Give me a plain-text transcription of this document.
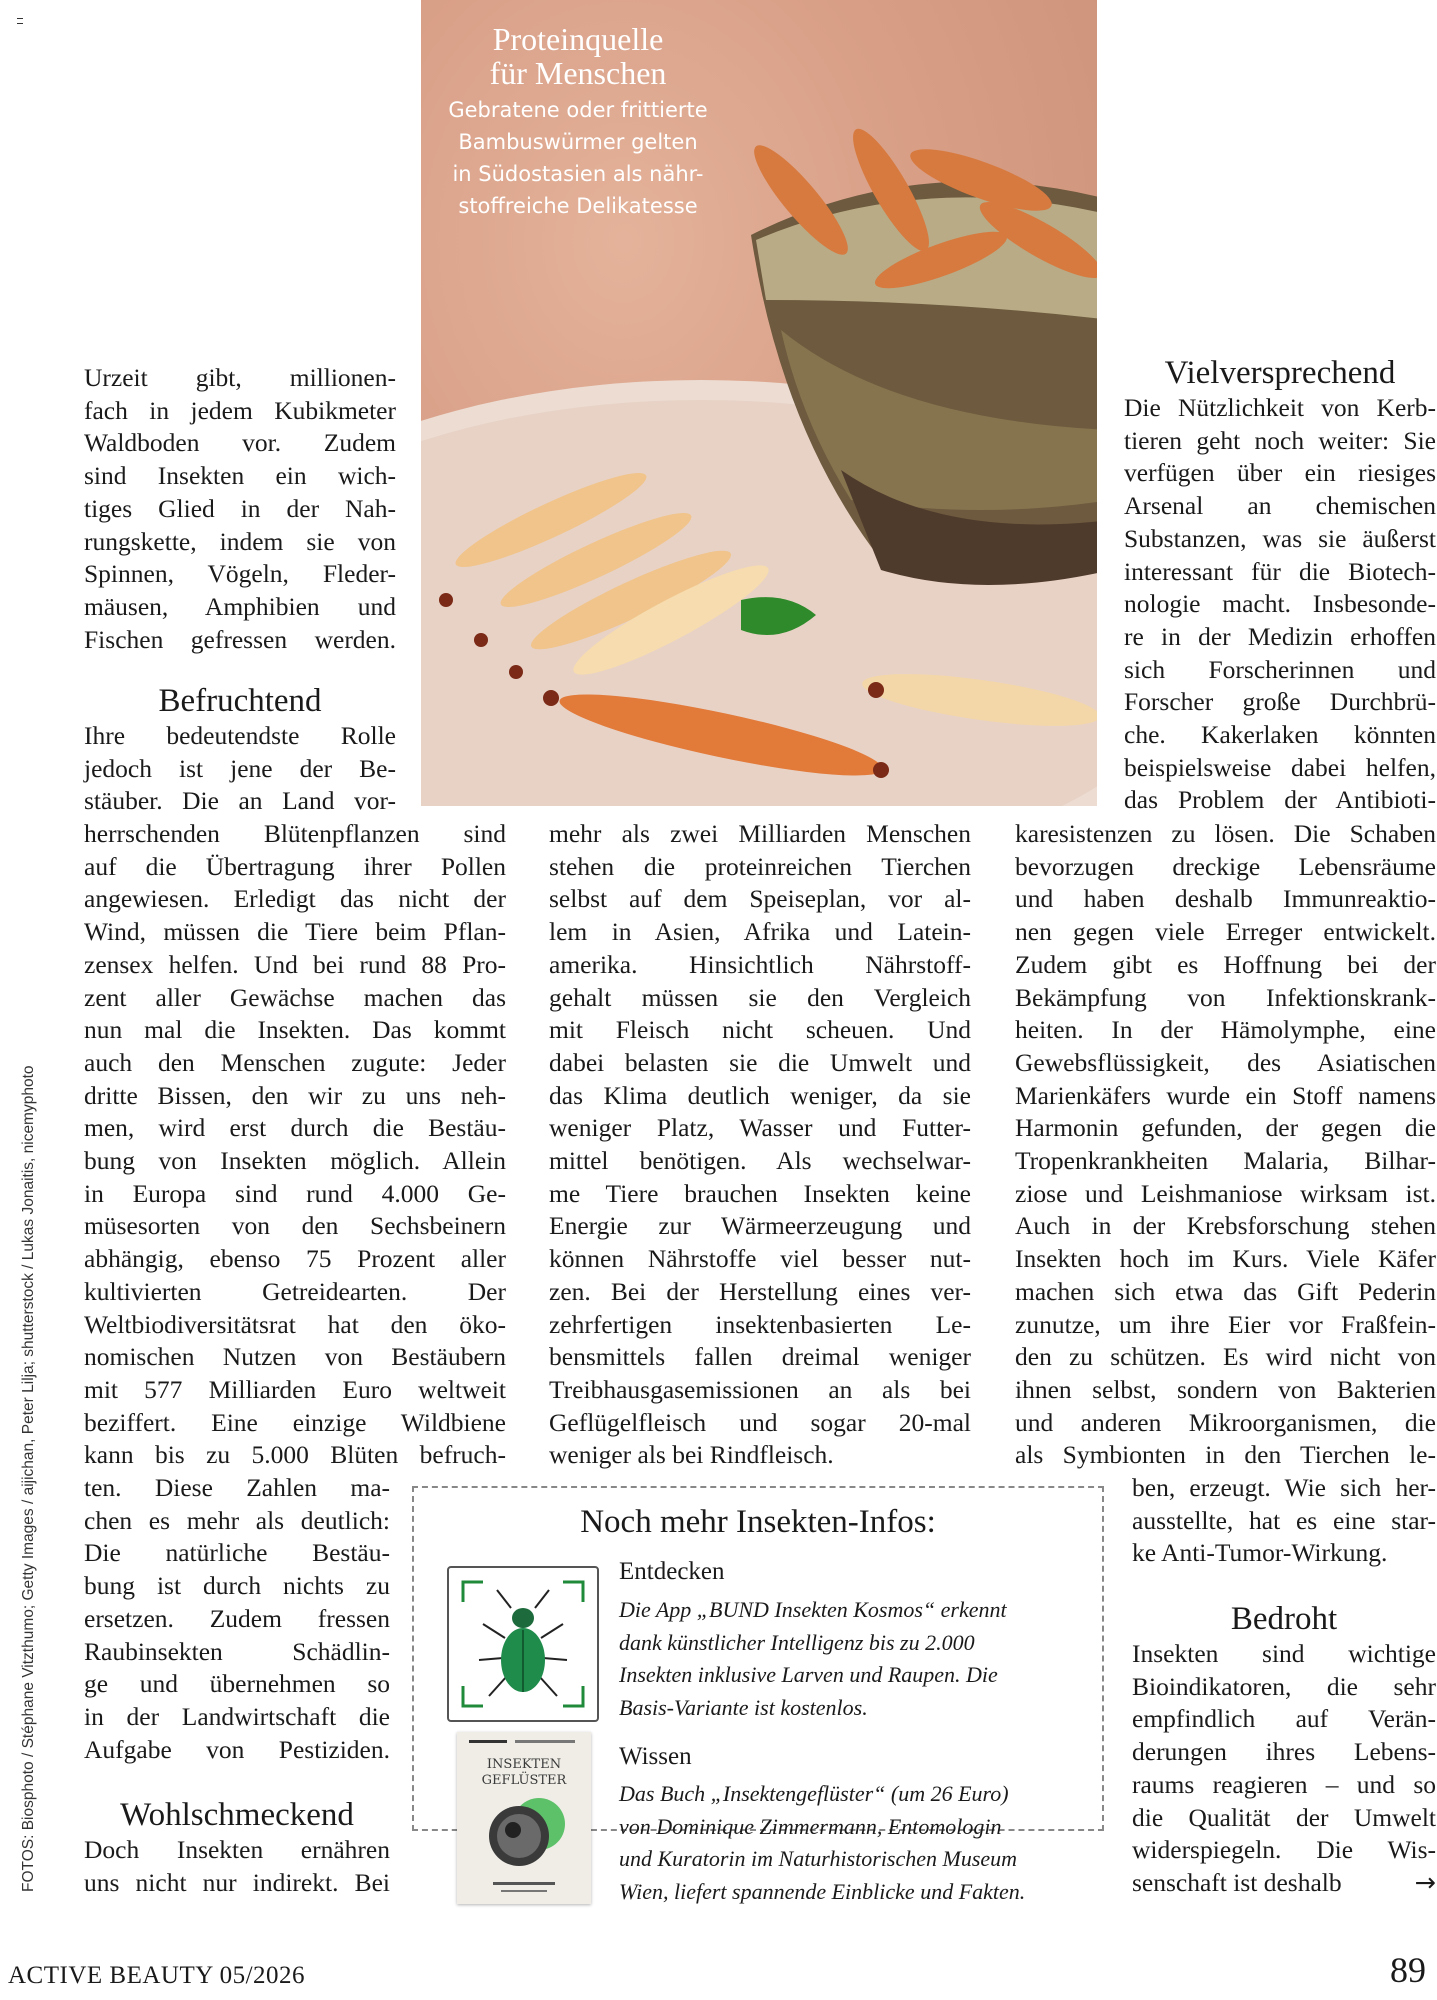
FOTOS: Biosphoto / Stéphane Vitzthumo; Getty Images / aijichan, Peter Lilja; shutterstock / Lukas Jonaitis, nicemyphoto
Proteinquelle
für Menschen
Gebratene oder frittierte
Bambuswürmer gelten
in Südostasien als nähr-
stoffreiche Delikatesse

Urzeit gibt, millionen-

fach in jedem Kubikmeter

Waldboden vor. Zudem

sind Insekten ein wich-

tiges Glied in der Nah-

rungskette, indem sie von

Spinnen, Vögeln, Fleder-

mäusen, Amphibien und

Fischen gefressen werden.

Befruchtend

Ihre bedeutendste Rolle

jedoch ist jene der Be-

stäuber. Die an Land vor-

herrschenden Blütenpflanzen sind

auf die Übertragung ihrer Pollen

angewiesen. Erledigt das nicht der

Wind, müssen die Tiere beim Pflan-

zensex helfen. Und bei rund 88 Pro-

zent aller Gewächse machen das

nun mal die Insekten. Das kommt

auch den Menschen zugute: Jeder

dritte Bissen, den wir zu uns neh-

men, wird erst durch die Bestäu-

bung von Insekten möglich. Allein

in Europa sind rund 4.000 Ge-

müsesorten von den Sechsbeinern

abhängig, ebenso 75 Prozent aller

kultivierten Getreidearten. Der

Weltbiodiversitätsrat hat den öko-

nomischen Nutzen von Bestäubern

mit 577 Milliarden Euro weltweit

beziffert. Eine einzige Wildbiene

kann bis zu 5.000 Blüten befruch-

ten. Diese Zahlen ma-

chen es mehr als deutlich:

Die natürliche Bestäu-

bung ist durch nichts zu

ersetzen. Zudem fressen

Raubinsekten Schädlin-

ge und übernehmen so

in der Landwirtschaft die

Aufgabe von Pestiziden.

Wohlschmeckend

Doch Insekten ernähren

uns nicht nur indirekt. Bei

mehr als zwei Milliarden Menschen

stehen die proteinreichen Tierchen

selbst auf dem Speiseplan, vor al-

lem in Asien, Afrika und Latein-

amerika. Hinsichtlich Nährstoff-

gehalt müssen sie den Vergleich

mit Fleisch nicht scheuen. Und

dabei belasten sie die Umwelt und

das Klima deutlich weniger, da sie

weniger Platz, Wasser und Futter-

mittel benötigen. Als wechselwar-

me Tiere brauchen Insekten keine

Energie zur Wärmeerzeugung und

können Nährstoffe viel besser nut-

zen. Bei der Herstellung eines ver-

zehrfertigen insektenbasierten Le-

bensmittels fallen dreimal weniger

Treibhausgasemissionen an als bei

Geflügelfleisch und sogar 20-mal

weniger als bei Rindfleisch.

Vielversprechend

Die Nützlichkeit von Kerb-

tieren geht noch weiter: Sie

verfügen über ein riesiges

Arsenal an chemischen

Substanzen, was sie äußerst

interessant für die Biotech-

nologie macht. Insbesonde-

re in der Medizin erhoffen

sich Forscherinnen und

Forscher große Durchbrü-

che. Kakerlaken könnten

beispielsweise dabei helfen,

das Problem der Antibioti-

karesistenzen zu lösen. Die Schaben

bevorzugen dreckige Lebensräume

und haben deshalb Immunreaktio-

nen gegen viele Erreger entwickelt.

Zudem gibt es Hoffnung bei der

Bekämpfung von Infektionskrank-

heiten. In der Hämolymphe, eine

Gewebsflüssigkeit, des Asiatischen

Marienkäfers wurde ein Stoff namens

Harmonin gefunden, der gegen die

Tropenkrankheiten Malaria, Bilhar-

ziose und Leishmaniose wirksam ist.

Auch in der Krebsforschung stehen

Insekten hoch im Kurs. Viele Käfer

machen sich etwa das Gift Pederin

zunutze, um ihre Eier vor Fraßfein-

den zu schützen. Es wird nicht von

ihnen selbst, sondern von Bakterien

und anderen Mikroorganismen, die

als Symbionten in den Tierchen le-

ben, erzeugt. Wie sich her-

ausstellte, hat es eine star-

ke Anti-Tumor-Wirkung.

Bedroht

Insekten sind wichtige

Bioindikatoren, die sehr

empfindlich auf Verän-

derungen ihres Lebens-

raums reagieren – und so

die Qualität der Umwelt

widerspiegeln. Die Wis-

senschaft ist deshalb	→
Noch mehr Insekten-Infos:
Entdecken
Die App „BUND Insekten Kosmos“ erkennt
dank künstlicher Intelligenz bis zu 2.000
Insekten inklusive Larven und Raupen. Die
Basis-Variante ist kostenlos.
INSEKTEN
GEFLÜSTER
Wissen
Das Buch „Insektengeflüster“ (um 26 Euro)
von Dominique Zimmermann, Entomologin
und Kuratorin im Naturhistorischen Museum
Wien, liefert spannende Einblicke und Fakten.
ACTIVE BEAUTY 05/2026	89
